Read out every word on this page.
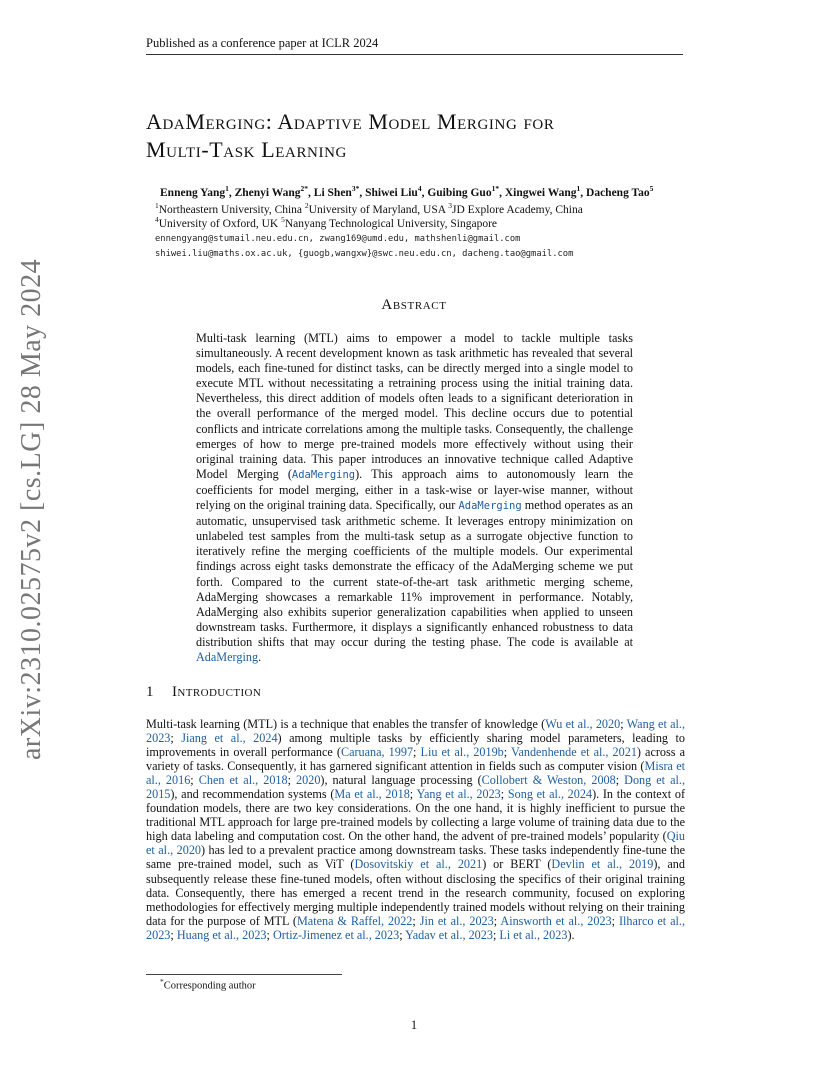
Published as a conference paper at ICLR 2024
AdaMerging: Adaptive Model Merging for
Multi-Task Learning
Enneng Yang$^1$, Zhenyi Wang$^{2*}$, Li Shen$^{3*}$, Shiwei Liu$^4$, Guibing Guo$^{1*}$, Xingwei Wang$^1$, Dacheng Tao$^5$
$^1$Northeastern University, China $^2$University of Maryland, USA $^3$JD Explore Academy, China
$^4$University of Oxford, UK $^5$Nanyang Technological University, Singapore
ennengyang@stumail.neu.edu.cn, zwang169@umd.edu, mathshenli@gmail.com
shiwei.liu@maths.ox.ac.uk, {guogb,wangxw}@swc.neu.edu.cn, dacheng.tao@gmail.com
arXiv:2310.02575v2 [cs.LG] 28 May 2024	Abstract
Multi-task learning (MTL) aims to empower a model to tackle multiple tasks simultaneously. A recent development known as task arithmetic has revealed that several models, each fine-tuned for distinct tasks, can be directly merged into a single model to execute MTL without necessitating a retraining process using the initial training data. Nevertheless, this direct addition of models often leads to a significant deterioration in the overall performance of the merged model. This decline occurs due to potential conflicts and intricate correlations among the multiple tasks. Consequently, the challenge emerges of how to merge pre-trained models more effectively without using their original training data. This paper introduces an innovative technique called Adaptive Model Merging (AdaMerging). This approach aims to autonomously learn the coefficients for model merging, either in a task-wise or layer-wise manner, without relying on the original training data. Specifically, our AdaMerging method operates as an automatic, unsupervised task arithmetic scheme. It leverages entropy minimization on unlabeled test samples from the multi-task setup as a surrogate objective function to iteratively refine the merging coefficients of the multiple models. Our experimental findings across eight tasks demonstrate the efficacy of the AdaMerging scheme we put forth. Compared to the current state-of-the-art task arithmetic merging scheme, AdaMerging showcases a remarkable 11% improvement in performance. Notably, AdaMerging also exhibits superior generalization capabilities when applied to unseen downstream tasks. Furthermore, it displays a significantly enhanced robustness to data distribution shifts that may occur during the testing phase. The code is available at AdaMerging.
1 Introduction
Multi-task learning (MTL) is a technique that enables the transfer of knowledge (Wu et al., 2020; Wang et al., 2023; Jiang et al., 2024) among multiple tasks by efficiently sharing model parameters, leading to improvements in overall performance (Caruana, 1997; Liu et al., 2019b; Vandenhende et al., 2021) across a variety of tasks. Consequently, it has garnered significant attention in fields such as computer vision (Misra et al., 2016; Chen et al., 2018; 2020), natural language processing (Collobert & Weston, 2008; Dong et al., 2015), and recommendation systems (Ma et al., 2018; Yang et al., 2023; Song et al., 2024). In the context of foundation models, there are two key considerations. On the one hand, it is highly inefficient to pursue the traditional MTL approach for large pre-trained models by collecting a large volume of training data due to the high data labeling and computation cost. On the other hand, the advent of pre-trained models’ popularity (Qiu et al., 2020) has led to a prevalent practice among downstream tasks. These tasks independently fine-tune the same pre-trained model, such as ViT (Dosovitskiy et al., 2021) or BERT (Devlin et al., 2019), and subsequently release these fine-tuned models, often without disclosing the specifics of their original training data. Consequently, there has emerged a recent trend in the research community, focused on exploring methodologies for effectively merging multiple independently trained models without relying on their training data for the purpose of MTL (Matena & Raffel, 2022; Jin et al., 2023; Ainsworth et al., 2023; Ilharco et al., 2023; Huang et al., 2023; Ortiz-Jimenez et al., 2023; Yadav et al., 2023; Li et al., 2023).
*Corresponding author
1
